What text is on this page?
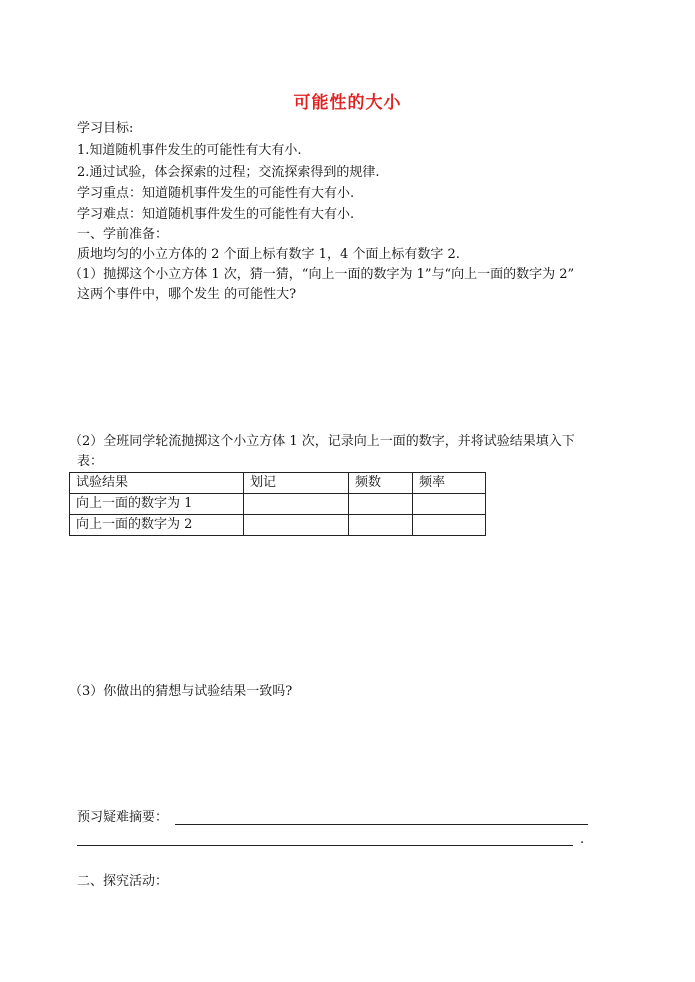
可能性的大小
学习目标:
1.知道随机事件发生的可能性有大有小.
2.通过试验，体会探索的过程；交流探索得到的规律.
学习重点：知道随机事件发生的可能性有大有小.
学习难点：知道随机事件发生的可能性有大有小.
一、学前准备：
质地均匀的小立方体的 2 个面上标有数字 1，4 个面上标有数字 2.
（1）抛掷这个小立方体 1 次，猜一猜，“向上一面的数字为 1”与“向上一面的数字为 2”
这两个事件中，哪个发生 的可能性大?
（2）全班同学轮流抛掷这个小立方体 1 次，记录向上一面的数字，并将试验结果填入下
表：
试验结果	划记	频数	频率
向上一面的数字为 1			
向上一面的数字为 2			
（3）你做出的猜想与试验结果一致吗?
预习疑难摘要：
.
二、探究活动：
